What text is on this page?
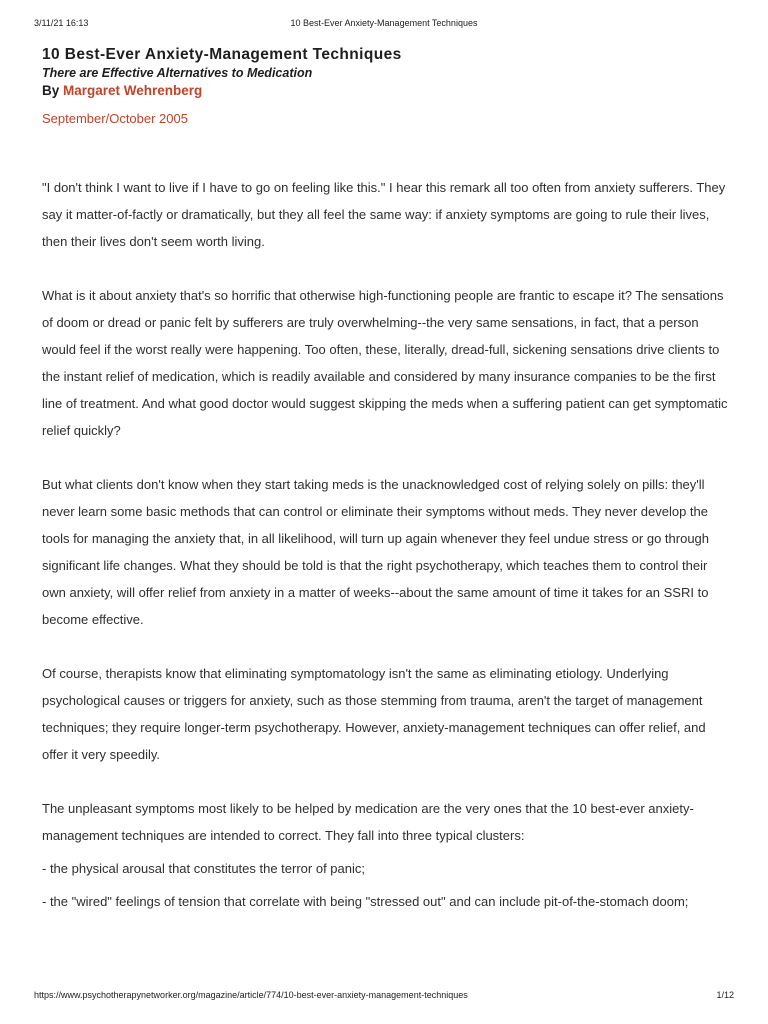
3/11/21 16:13	10 Best-Ever Anxiety-Management Techniques
10 Best-Ever Anxiety-Management Techniques
There are Effective Alternatives to Medication

By Margaret Wehrenberg

September/October 2005

"I don't think I want to live if I have to go on feeling like this." I hear this remark all too often from anxiety sufferers. They say it matter-of-factly or dramatically, but they all feel the same way: if anxiety symptoms are going to rule their lives, then their lives don't seem worth living.

What is it about anxiety that's so horrific that otherwise high-functioning people are frantic to escape it? The sensations of doom or dread or panic felt by sufferers are truly overwhelming--the very same sensations, in fact, that a person would feel if the worst really were happening. Too often, these, literally, dread-full, sickening sensations drive clients to the instant relief of medication, which is readily available and considered by many insurance companies to be the first line of treatment. And what good doctor would suggest skipping the meds when a suffering patient can get symptomatic relief quickly?

But what clients don't know when they start taking meds is the unacknowledged cost of relying solely on pills: they'll never learn some basic methods that can control or eliminate their symptoms without meds. They never develop the tools for managing the anxiety that, in all likelihood, will turn up again whenever they feel undue stress or go through significant life changes. What they should be told is that the right psychotherapy, which teaches them to control their own anxiety, will offer relief from anxiety in a matter of weeks--about the same amount of time it takes for an SSRI to become effective.

Of course, therapists know that eliminating symptomatology isn't the same as eliminating etiology. Underlying psychological causes or triggers for anxiety, such as those stemming from trauma, aren't the target of management techniques; they require longer-term psychotherapy. However, anxiety-management techniques can offer relief, and offer it very speedily.

The unpleasant symptoms most likely to be helped by medication are the very ones that the 10 best-ever anxiety-management techniques are intended to correct. They fall into three typical clusters:

- the physical arousal that constitutes the terror of panic;

- the "wired" feelings of tension that correlate with being "stressed out" and can include pit-of-the-stomach doom;

https://www.psychotherapynetworker.org/magazine/article/774/10-best-ever-anxiety-management-techniques	1/12
